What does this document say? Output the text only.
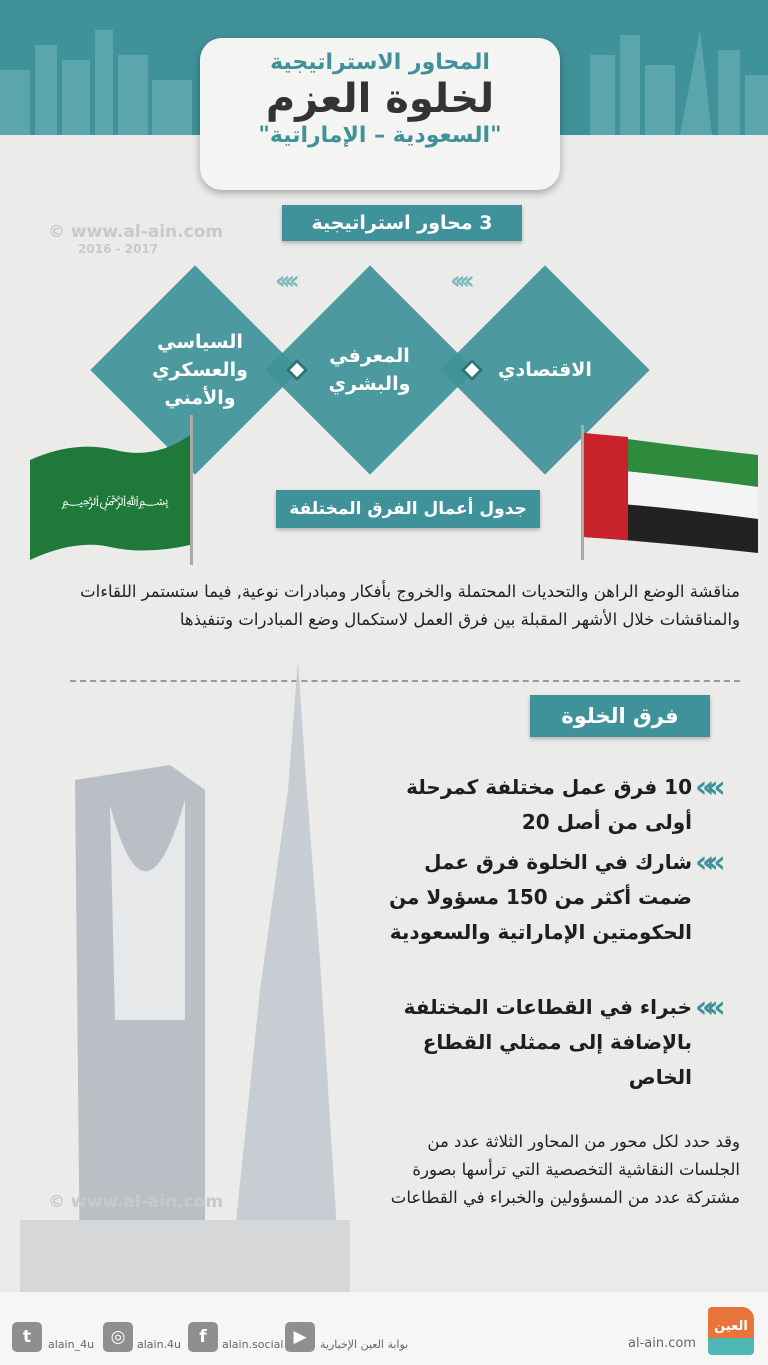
المحاور الاستراتيجية
لخلوة العزم
"السعودية – الإماراتية"
© www.al-ain.com
2016 - 2017
3 محاور استراتيجية
‹‹‹‹	‹‹‹‹
الاقتصادي
المعرفي والبشري
السياسي والعسكري والأمني
﷽	جدول أعمال الفرق المختلفة
مناقشة الوضع الراهن والتحديات المحتملة والخروج بأفكار ومبادرات نوعية, فيما ستستمر اللقاءات والمناقشات خلال الأشهر المقبلة بين فرق العمل لاستكمال وضع المبادرات وتنفيذها
© www.al-ain.com
فرق الخلوة
10 فرق عمل مختلفة كمرحلة أولى من أصل 20
««
شارك في الخلوة فرق عمل ضمت أكثر من 150 مسؤولا من الحكومتين الإماراتية والسعودية
««
خبراء في القطاعات المختلفة بالإضافة إلى ممثلي القطاع الخاص
««
وقد حدد لكل محور من المحاور الثلاثة عدد من الجلسات النقاشية التخصصية التي ترأسها بصورة مشتركة عدد من المسؤولين والخبراء في القطاعات
t	alain_4u ◎	alain.4u	f	alain.social ▶	بوابة العين الإخبارية	al-ain.com
العين
